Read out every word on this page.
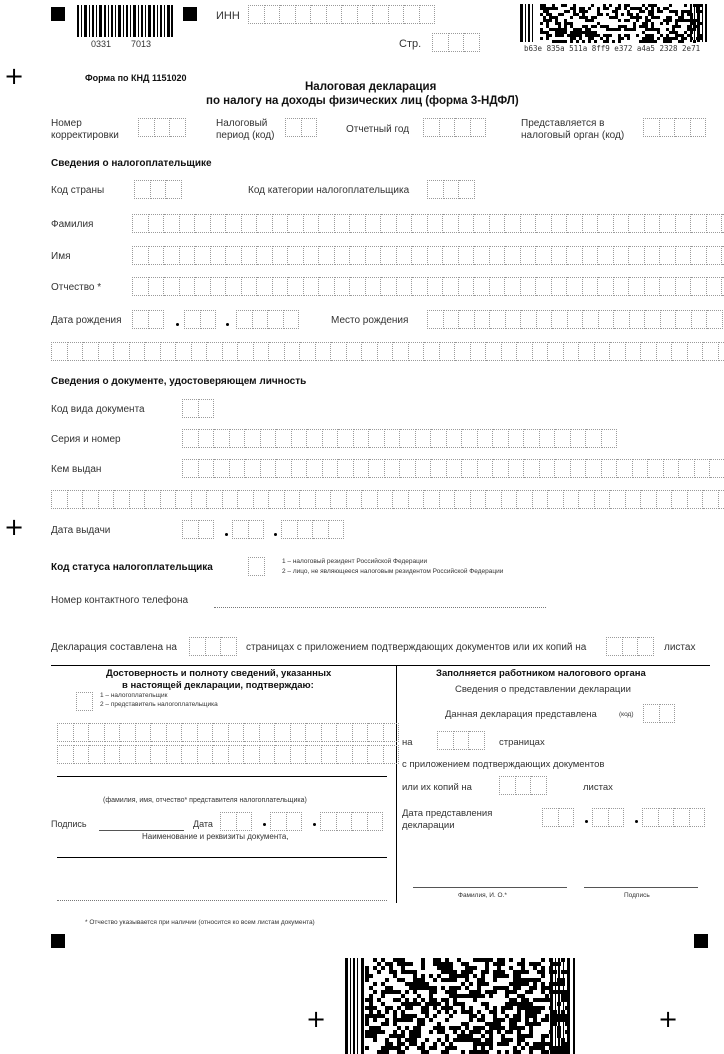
+
+
+	+
0331 7013
ИНН
Стр.	b63e 835a 511a 8ff9 e372 a4a5 2328 2e71
Форма по КНД 1151020
Налоговая декларация
по налогу на доходы физических лиц (форма 3-НДФЛ)
Номер
корректировки
Налоговый
период (код)
Отчетный год
Представляется в
налоговый орган (код)
Сведения о налогоплательщике
Код страны	Код категории налогоплательщика
Фамилия
Имя
Отчество *
Дата рождения	Место рождения
Сведения о документе, удостоверяющем личность
Код вида документа
Серия и номер
Кем выдан
Дата выдачи
Код статуса налогоплательщика
1 – налоговый резидент Российской Федерации
2 – лицо, не являющееся налоговым резидентом Российской Федерации
Номер контактного телефона
Декларация составлена на	страницах с приложением подтверждающих документов или их копий на	листах
Достоверность и полноту сведений, указанных
в настоящей декларации, подтверждаю:
1 – налогоплательщик
2 – представитель налогоплательщика
(фамилия, имя, отчество* представителя налогоплательщика)
Подпись	Дата
Наименование и реквизиты документа,
Заполняется работником налогового органа
Сведения о представлении декларации
Данная декларация представлена	(код)
на	страницах
с приложением подтверждающих документов
или их копий на	листах
Дата представления
декларации
Фамилия, И. О.*	Подпись
* Отчество указывается при наличии (относится ко всем листам документа)
